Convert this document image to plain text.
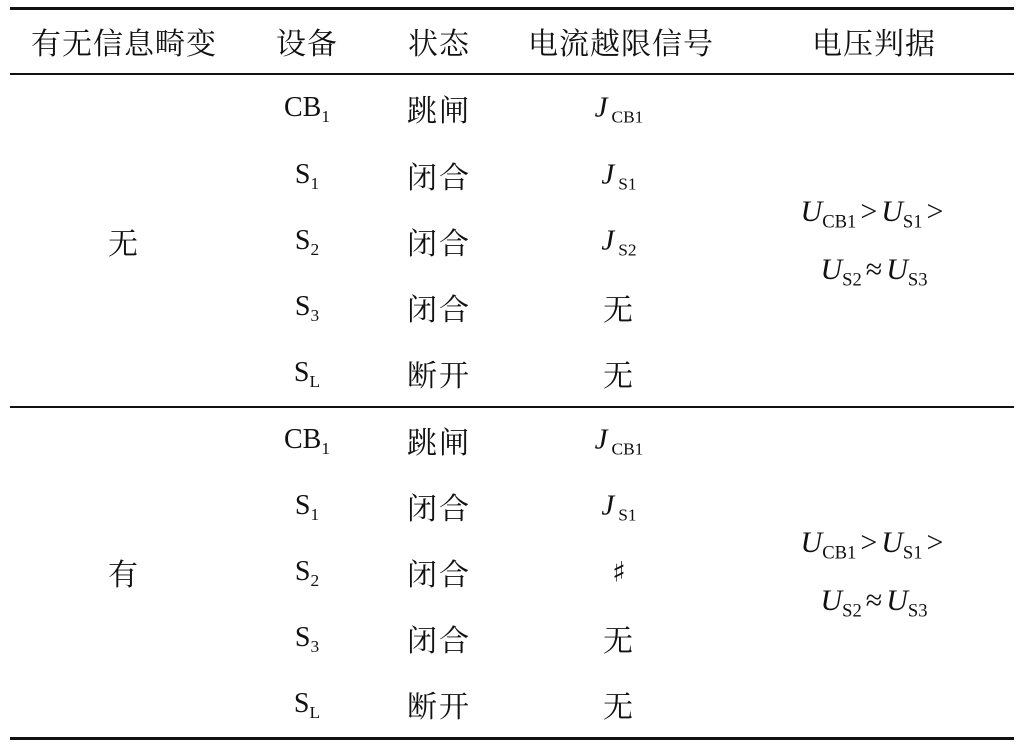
有无信息畸变 设备 状态 电流越限信号	电压判据
无
$CB_1$	跳闸	J $_{CB1}$
$S_1$	闭合	J $_{S1}$
$S_2$	闭合	J $_{S2}$
$S_3$	闭合	无
$S_L$	断开	无
$U_{CB1} > U_{S1}$ >
$U_{S2} \approx U_{S3}$
有
$CB_1$	跳闸	J $_{CB1}$
$S_1$	闭合	J $_{S1}$
$S_2$	闭合	♯
$S_3$	闭合	无
$S_L$	断开	无
$U_{CB1} > U_{S1}$ >
$U_{S2} \approx U_{S3}$
